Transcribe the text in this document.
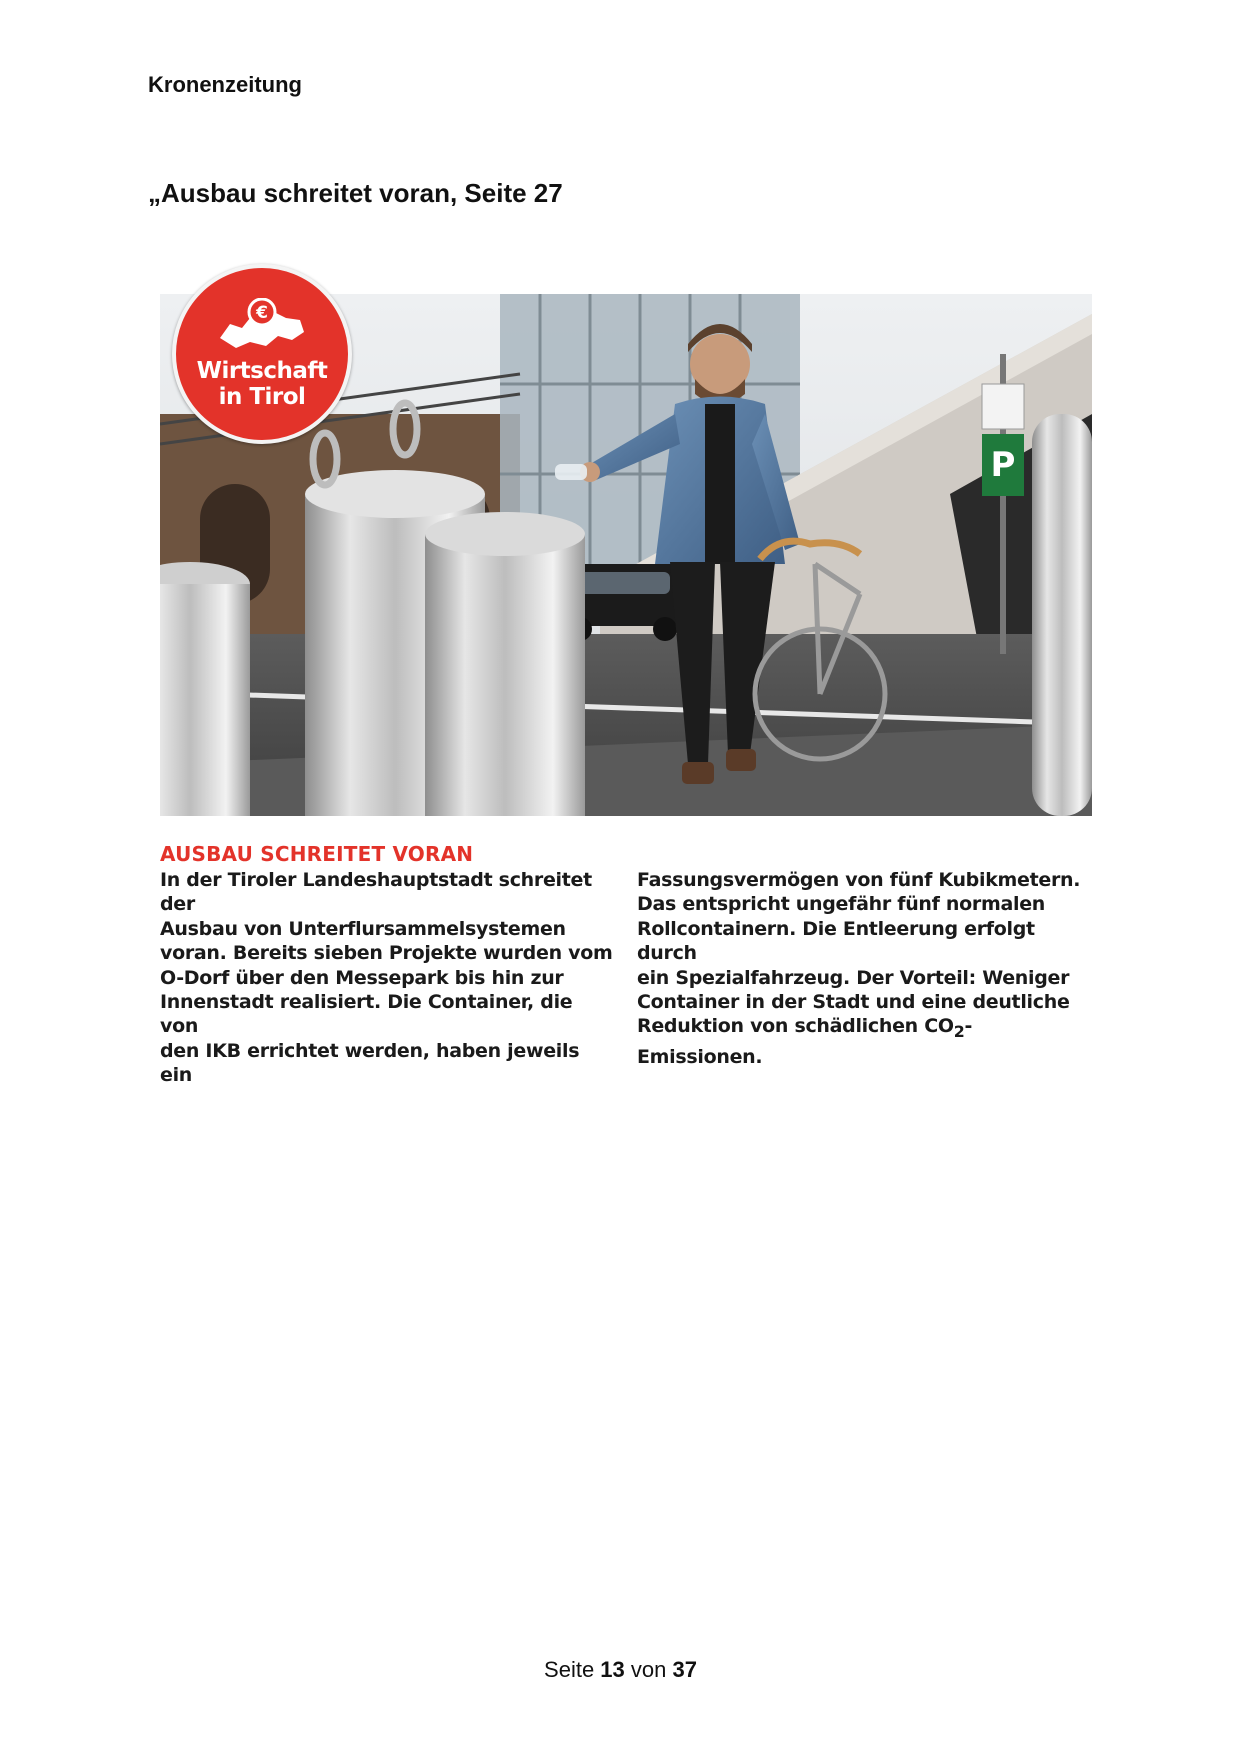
Kronenzeitung
„Ausbau schreitet voran, Seite 27
P
€
Wirtschaft
in Tirol
AUSBAU SCHREITET VORAN

In der Tiroler Landeshauptstadt schreitet der

Ausbau von Unterflursammelsystemen

voran. Bereits sieben Projekte wurden vom

O-Dorf über den Messepark bis hin zur

Innenstadt realisiert. Die Container, die von

den IKB errichtet werden, haben jeweils ein

Fassungsvermögen von fünf Kubikmetern.

Das entspricht ungefähr fünf normalen

Rollcontainern. Die Entleerung erfolgt durch

ein Spezialfahrzeug. Der Vorteil: Weniger

Container in der Stadt und eine deutliche

Reduktion von schädlichen $CO_2$-Emissionen.

Seite 13 von 37
